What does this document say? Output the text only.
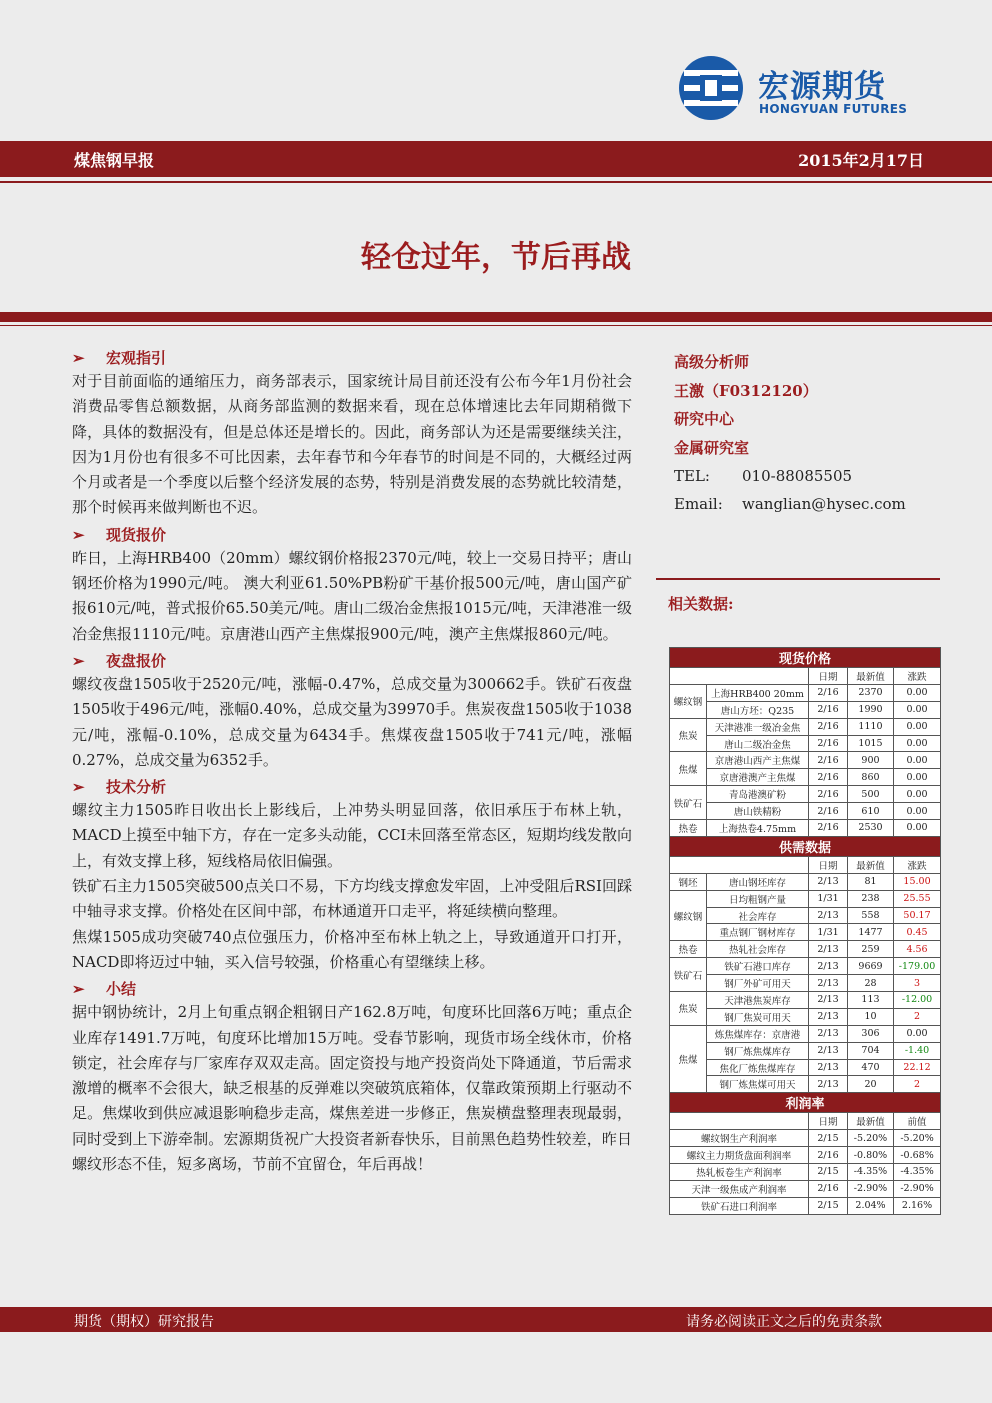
宏源期货
HONGYUAN FUTURES
煤焦钢早报	2015年2月17日
轻仓过年，节后再战
➢ 宏观指引

对于目前面临的通缩压力，商务部表示，国家统计局目前还没有公布今年1月份社会消费品零售总额数据，从商务部监测的数据来看，现在总体增速比去年同期稍微下降，具体的数据没有，但是总体还是增长的。因此，商务部认为还是需要继续关注，因为1月份也有很多不可比因素，去年春节和今年春节的时间是不同的，大概经过两个月或者是一个季度以后整个经济发展的态势，特别是消费发展的态势就比较清楚，那个时候再来做判断也不迟。

➢ 现货报价

昨日，上海HRB400（20mm）螺纹钢价格报2370元/吨，较上一交易日持平；唐山钢坯价格为1990元/吨。 澳大利亚61.50%PB粉矿干基价报500元/吨，唐山国产矿报610元/吨，普式报价65.50美元/吨。唐山二级冶金焦报1015元/吨，天津港准一级冶金焦报1110元/吨。京唐港山西产主焦煤报900元/吨，澳产主焦煤报860元/吨。

➢ 夜盘报价

螺纹夜盘1505收于2520元/吨，涨幅-0.47%，总成交量为300662手。铁矿石夜盘1505收于496元/吨，涨幅0.40%，总成交量为39970手。焦炭夜盘1505收于1038元/吨，涨幅-0.10%，总成交量为6434手。焦煤夜盘1505收于741元/吨，涨幅0.27%，总成交量为6352手。

➢ 技术分析

螺纹主力1505昨日收出长上影线后，上冲势头明显回落，依旧承压于布林上轨，MACD上摸至中轴下方，存在一定多头动能，CCI未回落至常态区，短期均线发散向上，有效支撑上移，短线格局依旧偏强。

铁矿石主力1505突破500点关口不易，下方均线支撑愈发牢固，上冲受阻后RSI回踩中轴寻求支撑。价格处在区间中部，布林通道开口走平，将延续横向整理。

焦煤1505成功突破740点位强压力，价格冲至布林上轨之上，导致通道开口打开，NACD即将迈过中轴，买入信号较强，价格重心有望继续上移。

➢ 小结

据中钢协统计，2月上旬重点钢企粗钢日产162.8万吨，旬度环比回落6万吨；重点企业库存1491.7万吨，旬度环比增加15万吨。受春节影响，现货市场全线休市，价格锁定，社会库存与厂家库存双双走高。固定资投与地产投资尚处下降通道，节后需求激增的概率不会很大，缺乏根基的反弹难以突破筑底箱体，仅靠政策预期上行驱动不足。焦煤收到供应减退影响稳步走高，煤焦差进一步修正，焦炭横盘整理表现最弱，同时受到上下游牵制。宏源期货祝广大投资者新春快乐，目前黑色趋势性较差，昨日螺纹形态不佳，短多离场，节前不宜留仓，年后再战！

高级分析师
王激（F0312120）
研究中心
金属研究室
TEL: 010-88085505
Email: wanglian@hysec.com
相关数据:
现货价格				
		日期	最新值	涨跌
螺纹钢	上海HRB400 20mm	2/16	2370	0.00
	唐山方坯：Q235	2/16	1990	0.00
焦炭	天津港准一级冶金焦	2/16	1110	0.00
	唐山二级冶金焦	2/16	1015	0.00
焦煤	京唐港山西产主焦煤	2/16	900	0.00
	京唐港澳产主焦煤	2/16	860	0.00
铁矿石	青岛港澳矿粉	2/16	500	0.00
	唐山铁精粉	2/16	610	0.00
热卷	上海热卷4.75mm	2/16	2530	0.00
供需数据				
		日期	最新值	涨跌
钢坯	唐山钢坯库存	2/13	81	15.00
螺纹钢	日均粗钢产量	1/31	238	25.55
	社会库存	2/13	558	50.17
	重点钢厂钢材库存	1/31	1477	0.45
热卷	热轧社会库存	2/13	259	4.56
铁矿石	铁矿石港口库存	2/13	9669	-179.00
	钢厂外矿可用天	2/13	28	3
焦炭	天津港焦炭库存	2/13	113	-12.00
	钢厂焦炭可用天	2/13	10	2
焦煤	炼焦煤库存：京唐港	2/13	306	0.00
	钢厂炼焦煤库存	2/13	704	-1.40
	焦化厂炼焦煤库存	2/13	470	22.12
	钢厂炼焦煤可用天	2/13	20	2
利润率				
		日期	最新值	前值
螺纹钢生产利润率		2/15	-5.20%	-5.20%
螺纹主力期货盘面利润率		2/16	-0.80%	-0.68%
热轧板卷生产利润率		2/15	-4.35%	-4.35%
天津一级焦成产利润率		2/16	-2.90%	-2.90%
铁矿石进口利润率		2/15	2.04%	2.16%
期货（期权）研究报告	请务必阅读正文之后的免责条款
